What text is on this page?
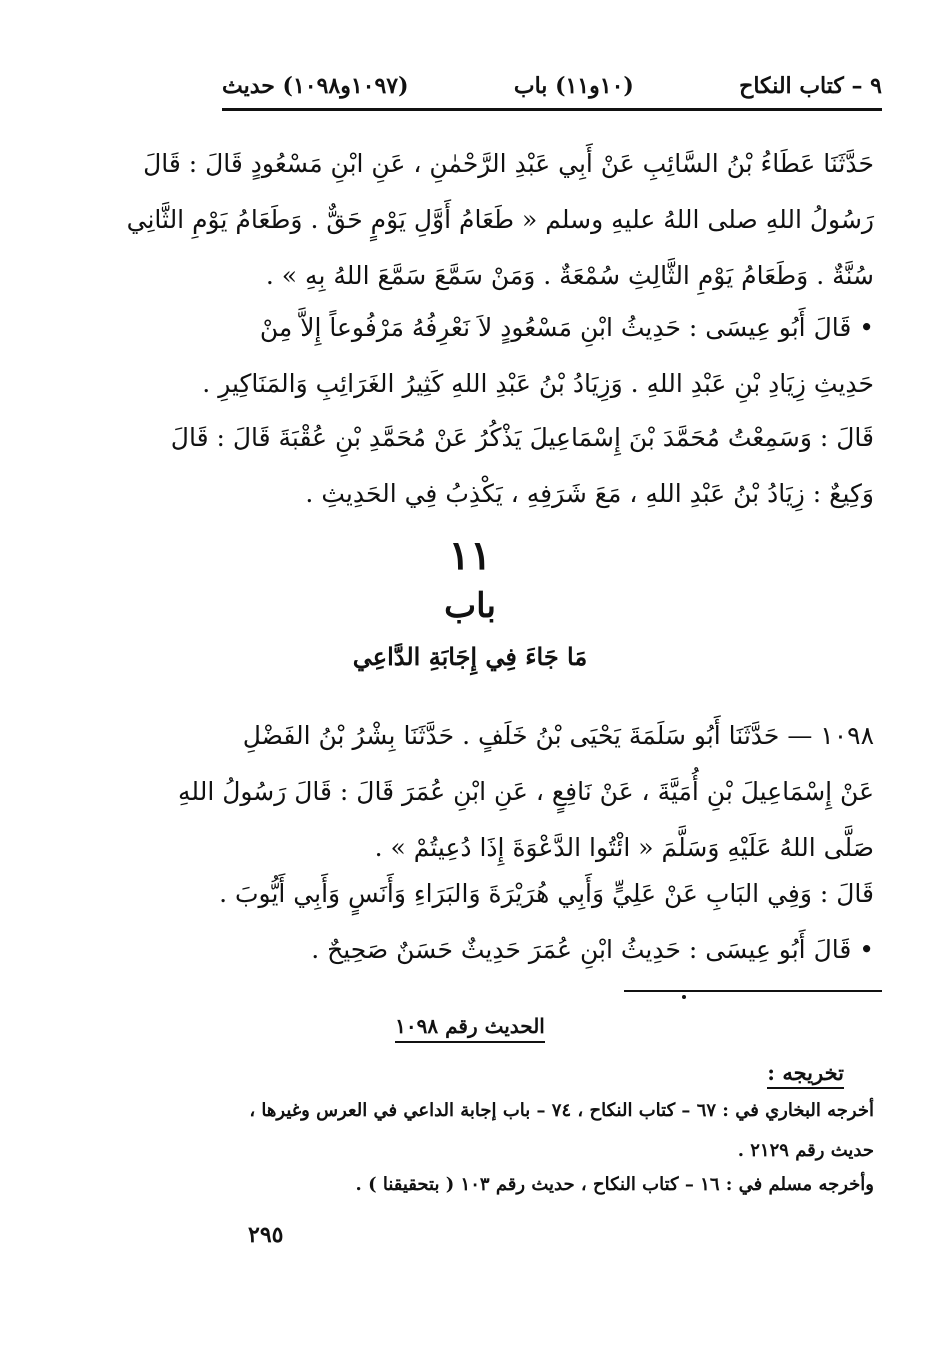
٩ – كتاب النكاح
(١٠و١١) باب
(١٠٩٧و١٠٩٨) حديث
حَدَّثَنَا عَطَاءُ بْنُ السَّائِبِ عَنْ أَبِي عَبْدِ الرَّحْمٰنِ ، عَنِ ابْنِ مَسْعُودٍ قَالَ : قَالَ
رَسُولُ اللهِ صلى اللهُ عليهِ وسلم « طَعَامُ أَوَّلِ يَوْمٍ حَقٌّ . وَطَعَامُ يَوْمِ الثَّانِي
سُنَّةٌ . وَطَعَامُ يَوْمِ الثَّالِثِ سُمْعَةٌ . وَمَنْ سَمَّعَ سَمَّعَ اللهُ بِهِ » .
• قَالَ أَبُو عِيسَى : حَدِيثُ ابْنِ مَسْعُودٍ لاَ نَعْرِفُهُ مَرْفُوعاً إِلاَّ مِنْ
حَدِيثِ زِيَادِ بْنِ عَبْدِ اللهِ . وَزِيَادُ بْنُ عَبْدِ اللهِ كَثِيرُ الغَرَائِبِ وَالمَنَاكِيرِ .
قَالَ : وَسَمِعْتُ مُحَمَّدَ بْنَ إِسْمَاعِيلَ يَذْكُرُ عَنْ مُحَمَّدِ بْنِ عُقْبَةَ قَالَ : قَالَ
وَكِيعٌ : زِيَادُ بْنُ عَبْدِ اللهِ ، مَعَ شَرَفِهِ ، يَكْذِبُ فِي الحَدِيثِ .
١١
باب
مَا جَاءَ فِي إِجَابَةِ الدَّاعِي
١٠٩٨ — حَدَّثَنَا أَبُو سَلَمَةَ يَحْيَى بْنُ خَلَفٍ . حَدَّثَنَا بِشْرُ بْنُ الفَضْلِ
عَنْ إِسْمَاعِيلَ بْنِ أُمَيَّةَ ، عَنْ نَافِعٍ ، عَنِ ابْنِ عُمَرَ قَالَ : قَالَ رَسُولُ اللهِ
صَلَّى اللهُ عَلَيْهِ وَسَلَّمَ « ائْتُوا الدَّعْوَةَ إِذَا دُعِيتُمْ » .
قَالَ : وَفِي البَابِ عَنْ عَلِيٍّ وَأَبِي هُرَيْرَةَ وَالبَرَاءِ وَأَنَسٍ وَأَبِي أَيُّوبَ .
• قَالَ أَبُو عِيسَى : حَدِيثُ ابْنِ عُمَرَ حَدِيثٌ حَسَنٌ صَحِيحٌ .
الحديث رقم ١٠٩٨
تخريجه :
أخرجه البخاري في : ٦٧ – كتاب النكاح ، ٧٤ – باب إجابة الداعي في العرس وغيرها ،
حديث رقم ٢١٢٩ .
وأخرجه مسلم في : ١٦ – كتاب النكاح ، حديث رقم ١٠٣ ( بتحقيقنا ) .
٢٩٥
